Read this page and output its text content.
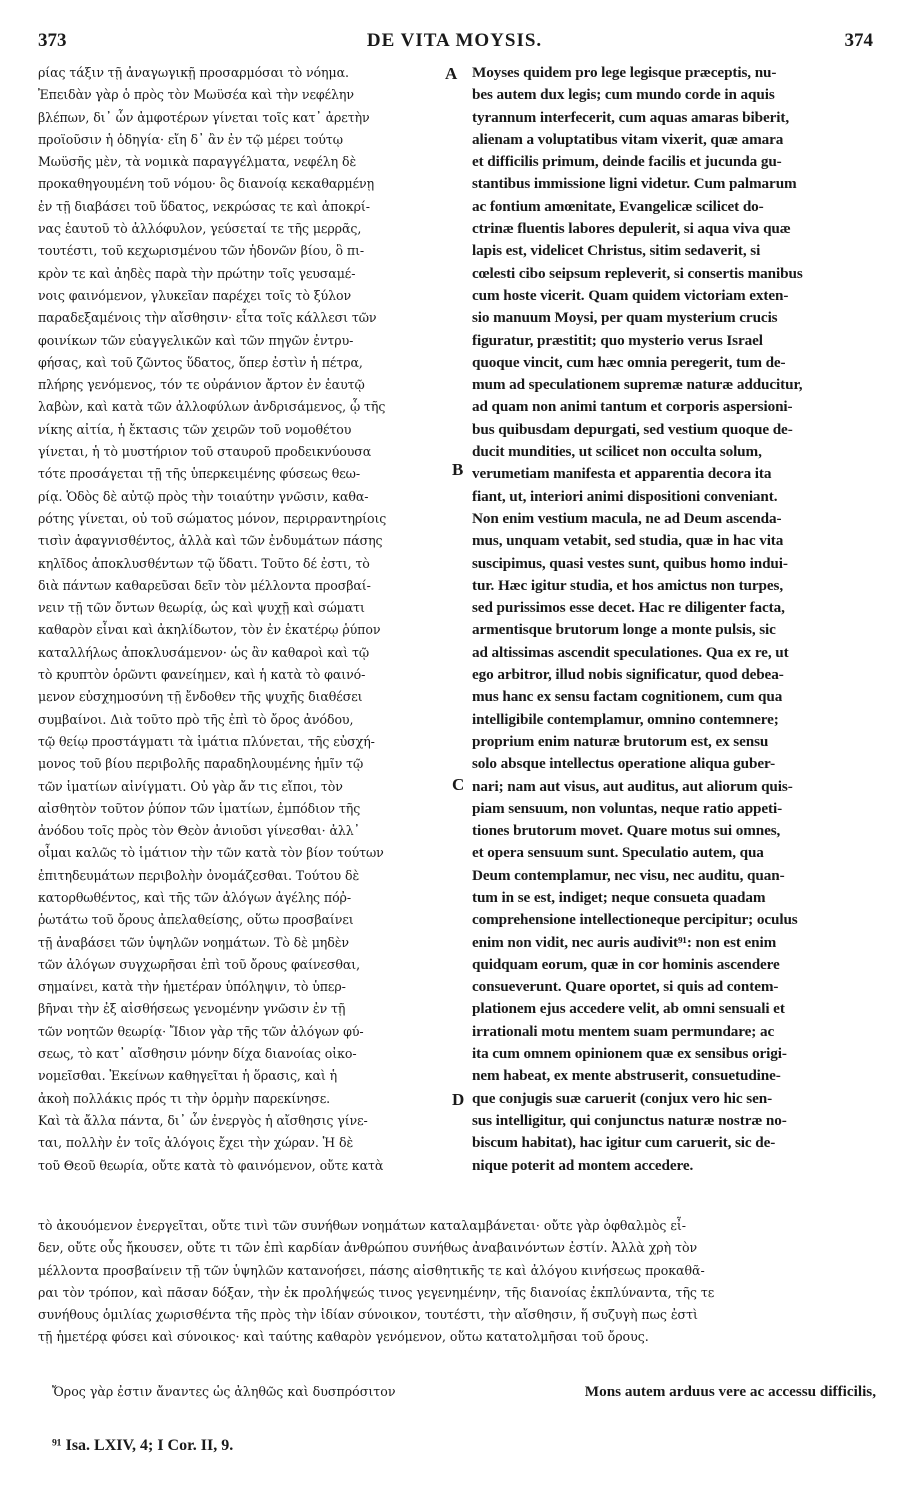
373	DE VITA MOYSIS.	374
ρίας τάξιν τῇ ἀναγωγικῇ προσαρμόσαι τὸ νόημα.
Ἐπειδὰν γὰρ ὁ πρὸς τὸν Μωϋσέα καὶ τὴν νεφέλην
βλέπων, δι᾽ ὧν ἀμφοτέρων γίνεται τοῖς κατ᾽ ἀρετὴν
προϊοῦσιν ἡ ὁδηγία· εἴη δ᾽ ἂν ἐν τῷ μέρει τούτῳ
Μωϋσῆς μὲν, τὰ νομικὰ παραγγέλματα, νεφέλη δὲ
προκαθηγουμένη τοῦ νόμου· ὃς διανοίᾳ κεκαθαρμένῃ
ἐν τῇ διαβάσει τοῦ ὕδατος, νεκρώσας τε καὶ ἀποκρί-
νας ἑαυτοῦ τὸ ἀλλόφυλον, γεύσεταί τε τῆς μερρᾶς,
τουτέστι, τοῦ κεχωρισμένου τῶν ἡδονῶν βίου, ὃ πι-
κρὸν τε καὶ ἀηδὲς παρὰ τὴν πρώτην τοῖς γευσαμέ-
νοις φαινόμενον, γλυκεῖαν παρέχει τοῖς τὸ ξύλον
παραδεξαμένοις τὴν αἴσθησιν· εἶτα τοῖς κάλλεσι τῶν
φοινίκων τῶν εὐαγγελικῶν καὶ τῶν πηγῶν ἐντρυ-
φήσας, καὶ τοῦ ζῶντος ὕδατος, ὅπερ ἐστὶν ἡ πέτρα,
πλήρης γενόμενος, τόν τε οὐράνιον ἄρτον ἐν ἑαυτῷ
λαβὼν, καὶ κατὰ τῶν ἀλλοφύλων ἀνδρισάμενος, ᾧ τῆς
νίκης αἰτία, ἡ ἔκτασις τῶν χειρῶν τοῦ νομοθέτου
γίνεται, ἡ τὸ μυστήριον τοῦ σταυροῦ προδεικνύουσα
τότε προσάγεται τῇ τῆς ὑπερκειμένης φύσεως θεω-
ρίᾳ. Ὁδὸς δὲ αὐτῷ πρὸς τὴν τοιαύτην γνῶσιν, καθα-
ρότης γίνεται, οὐ τοῦ σώματος μόνον, περιρραντηρίοις
τισὶν ἁφαγνισθέντος, ἀλλὰ καὶ τῶν ἐνδυμάτων πάσης
κηλῖδος ἀποκλυσθέντων τῷ ὕδατι. Τοῦτο δέ ἐστι, τὸ
διὰ πάντων καθαρεῦσαι δεῖν τὸν μέλλοντα προσβαί-
νειν τῇ τῶν ὄντων θεωρίᾳ, ὡς καὶ ψυχῇ καὶ σώματι
καθαρὸν εἶναι καὶ ἀκηλίδωτον, τὸν ἐν ἑκατέρῳ ῥύπον
καταλλήλως ἀποκλυσάμενον· ὡς ἂν καθαροὶ καὶ τῷ
τὸ κρυπτὸν ὁρῶντι φανείημεν, καὶ ἡ κατὰ τὸ φαινό-
μενον εὐσχημοσύνη τῇ ἔνδοθεν τῆς ψυχῆς διαθέσει
συμβαίνοι. Διὰ τοῦτο πρὸ τῆς ἐπὶ τὸ ὄρος ἀνόδου,
τῷ θείῳ προστάγματι τὰ ἱμάτια πλύνεται, τῆς εὐσχή-
μονος τοῦ βίου περιβολῆς παραδηλουμένης ἡμῖν τῷ
τῶν ἱματίων αἰνίγματι. Οὐ γὰρ ἄν τις εἴποι, τὸν
αἰσθητὸν τοῦτον ῥύπον τῶν ἱματίων, ἐμπόδιον τῆς
ἀνόδου τοῖς πρὸς τὸν Θεὸν ἀνιοῦσι γίνεσθαι· ἀλλ᾽
οἶμαι καλῶς τὸ ἱμάτιον τὴν τῶν κατὰ τὸν βίον τούτων
ἐπιτηδευμάτων περιβολὴν ὀνομάζεσθαι. Τούτου δὲ
κατορθωθέντος, καὶ τῆς τῶν ἀλόγων ἀγέλης πόῤ-
ῥωτάτω τοῦ ὄρους ἀπελαθείσης, οὕτω προσβαίνει
τῇ ἀναβάσει τῶν ὑψηλῶν νοημάτων. Τὸ δὲ μηδὲν
τῶν ἀλόγων συγχωρῆσαι ἐπὶ τοῦ ὄρους φαίνεσθαι,
σημαίνει, κατὰ τὴν ἡμετέραν ὑπόληψιν, τὸ ὑπερ-
βῆναι τὴν ἐξ αἰσθήσεως γενομένην γνῶσιν ἐν τῇ
τῶν νοητῶν θεωρίᾳ· Ἴδιον γὰρ τῆς τῶν ἀλόγων φύ-
σεως, τὸ κατ᾽ αἴσθησιν μόνην δίχα διανοίας οἰκο-
νομεῖσθαι. Ἐκείνων καθηγεῖται ἡ ὅρασις, καὶ ἡ
ἀκοὴ πολλάκις πρός τι τὴν ὁρμὴν παρεκίνησε.
Καὶ τὰ ἄλλα πάντα, δι᾽ ὧν ἐνεργὸς ἡ αἴσθησις γίνε-
ται, πολλὴν ἐν τοῖς ἀλόγοις ἔχει τὴν χώραν. Ἡ δὲ
τοῦ Θεοῦ θεωρία, οὔτε κατὰ τὸ φαινόμενον, οὔτε κατὰ
Moyses quidem pro lege legisque præceptis, nu-
bes autem dux legis; cum mundo corde in aquis
tyrannum interfecerit, cum aquas amaras biberit,
alienam a voluptatibus vitam vixerit, quæ amara
et difficilis primum, deinde facilis et jucunda gu-
stantibus immissione ligni videtur. Cum palmarum
ac fontium amœnitate, Evangelicæ scilicet do-
ctrinæ fluentis labores depulerit, si aqua viva quæ
lapis est, videlicet Christus, sitim sedaverit, si
cœlesti cibo seipsum repleverit, si consertis manibus
cum hoste vicerit. Quam quidem victoriam exten-
sio manuum Moysi, per quam mysterium crucis
figuratur, præstitit; quo mysterio verus Israel
quoque vincit, cum hæc omnia peregerit, tum de-
mum ad speculationem supremæ naturæ adducitur,
ad quam non animi tantum et corporis aspersioni-
bus quibusdam depurgati, sed vestium quoque de-
ducit mundities, ut scilicet non occulta solum,
verumetiam manifesta et apparentia decora ita
fiant, ut, interiori animi dispositioni conveniant.
Non enim vestium macula, ne ad Deum ascenda-
mus, unquam vetabit, sed studia, quæ in hac vita
suscipimus, quasi vestes sunt, quibus homo indui-
tur. Hæc igitur studia, et hos amictus non turpes,
sed purissimos esse decet. Hac re diligenter facta,
armentisque brutorum longe a monte pulsis, sic
ad altissimas ascendit speculationes. Qua ex re, ut
ego arbitror, illud nobis significatur, quod debea-
mus hanc ex sensu factam cognitionem, cum qua
intelligibile contemplamur, omnino contemnere;
proprium enim naturæ brutorum est, ex sensu
solo absque intellectus operatione aliqua guber-
nari; nam aut visus, aut auditus, aut aliorum quis-
piam sensuum, non voluntas, neque ratio appeti-
tiones brutorum movet. Quare motus sui omnes,
et opera sensuum sunt. Speculatio autem, qua
Deum contemplamur, nec visu, nec auditu, quan-
tum in se est, indiget; neque consueta quadam
comprehensione intellectioneque percipitur; oculus
enim non vidit, nec auris audivit⁹¹: non est enim
quidquam eorum, quæ in cor hominis ascendere
consueverunt. Quare oportet, si quis ad contem-
plationem ejus accedere velit, ab omni sensuali et
irrationali motu mentem suam permundare; ac
ita cum omnem opinionem quæ ex sensibus origi-
nem habeat, ex mente abstruserit, consuetudine-
que conjugis suæ caruerit (conjux vero hic sen-
sus intelligitur, qui conjunctus naturæ nostræ no-
biscum habitat), hac igitur cum caruerit, sic de-
nique poterit ad montem accedere.
A
B
C
D
τὸ ἀκουόμενον ἐνεργεῖται, οὔτε τινὶ τῶν συνήθων νοημάτων καταλαμβάνεται· οὔτε γὰρ ὀφθαλμὸς εἶ-
δεν, οὔτε οὖς ἤκουσεν, οὔτε τι τῶν ἐπὶ καρδίαν ἀνθρώπου συνήθως ἀναβαινόντων ἐστίν. Ἀλλὰ χρὴ τὸν
μέλλοντα προσβαίνειν τῇ τῶν ὑψηλῶν κατανοήσει, πάσης αἰσθητικῆς τε καὶ ἀλόγου κινήσεως προκαθᾶ-
ραι τὸν τρόπον, καὶ πᾶσαν δόξαν, τὴν ἐκ προλήψεώς τινος γεγενημένην, τῆς διανοίας ἐκπλύναντα, τῆς τε
συνήθους ὁμιλίας χωρισθέντα τῆς πρὸς τὴν ἰδίαν σύνοικον, τουτέστι, τὴν αἴσθησιν, ἥ συζυγὴ πως ἐστὶ
τῇ ἡμετέρᾳ φύσει καὶ σύνοικος· καὶ ταύτης καθαρὸν γενόμενον, οὕτω κατατολμῆσαι τοῦ ὄρους.
Ὄρος γὰρ ἐστιν ἄναντες ὡς ἀληθῶς καὶ δυσπρόσιτον	Mons autem arduus vere ac accessu difficilis,
⁹¹ Isa. LXIV, 4; I Cor. II, 9.
